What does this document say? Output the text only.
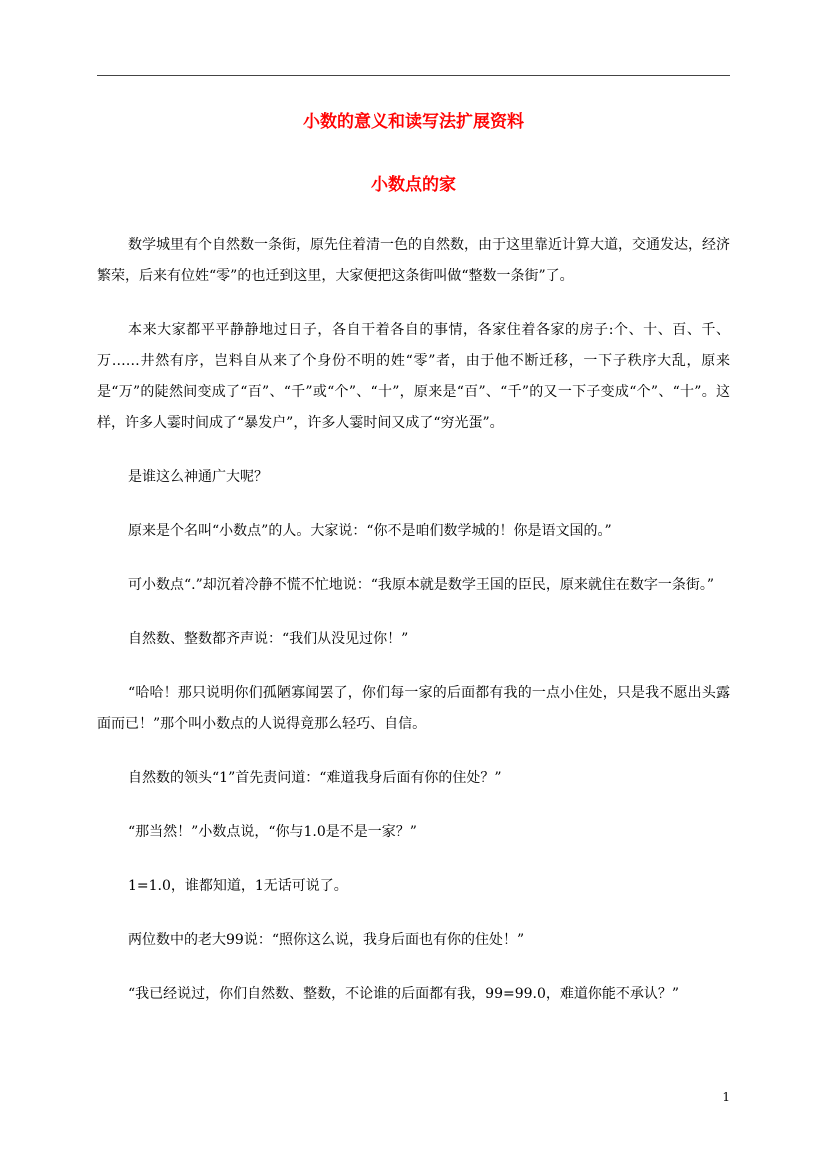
小数的意义和读写法扩展资料
小数点的家

数学城里有个自然数一条街，原先住着清一色的自然数，由于这里靠近计算大道，交通发达，经济繁荣，后来有位姓“零”的也迁到这里，大家便把这条街叫做“整数一条街”了。

本来大家都平平静静地过日子，各自干着各自的事情，各家住着各家的房子:个、十、百、千、万……井然有序，岂料自从来了个身份不明的姓“零”者，由于他不断迁移，一下子秩序大乱，原来是“万”的陡然间变成了“百”、“千”或“个”、“十”，原来是“百”、“千”的又一下子变成“个”、“十”。这样，许多人霎时间成了“暴发户”，许多人霎时间又成了“穷光蛋”。

是谁这么神通广大呢？

原来是个名叫“小数点”的人。大家说：“你不是咱们数学城的！你是语文国的。”

可小数点“.”却沉着冷静不慌不忙地说：“我原本就是数学王国的臣民，原来就住在数字一条街。”

自然数、整数都齐声说：“我们从没见过你！”

“哈哈！那只说明你们孤陋寡闻罢了，你们每一家的后面都有我的一点小住处，只是我不愿出头露面而已！”那个叫小数点的人说得竟那么轻巧、自信。

自然数的领头“1”首先责问道：“难道我身后面有你的住处？”

“那当然！”小数点说，“你与1.0是不是一家？”

1=1.0，谁都知道，1无话可说了。

两位数中的老大99说：“照你这么说，我身后面也有你的住处！”

“我已经说过，你们自然数、整数，不论谁的后面都有我，99=99.0，难道你能不承认？”

1
